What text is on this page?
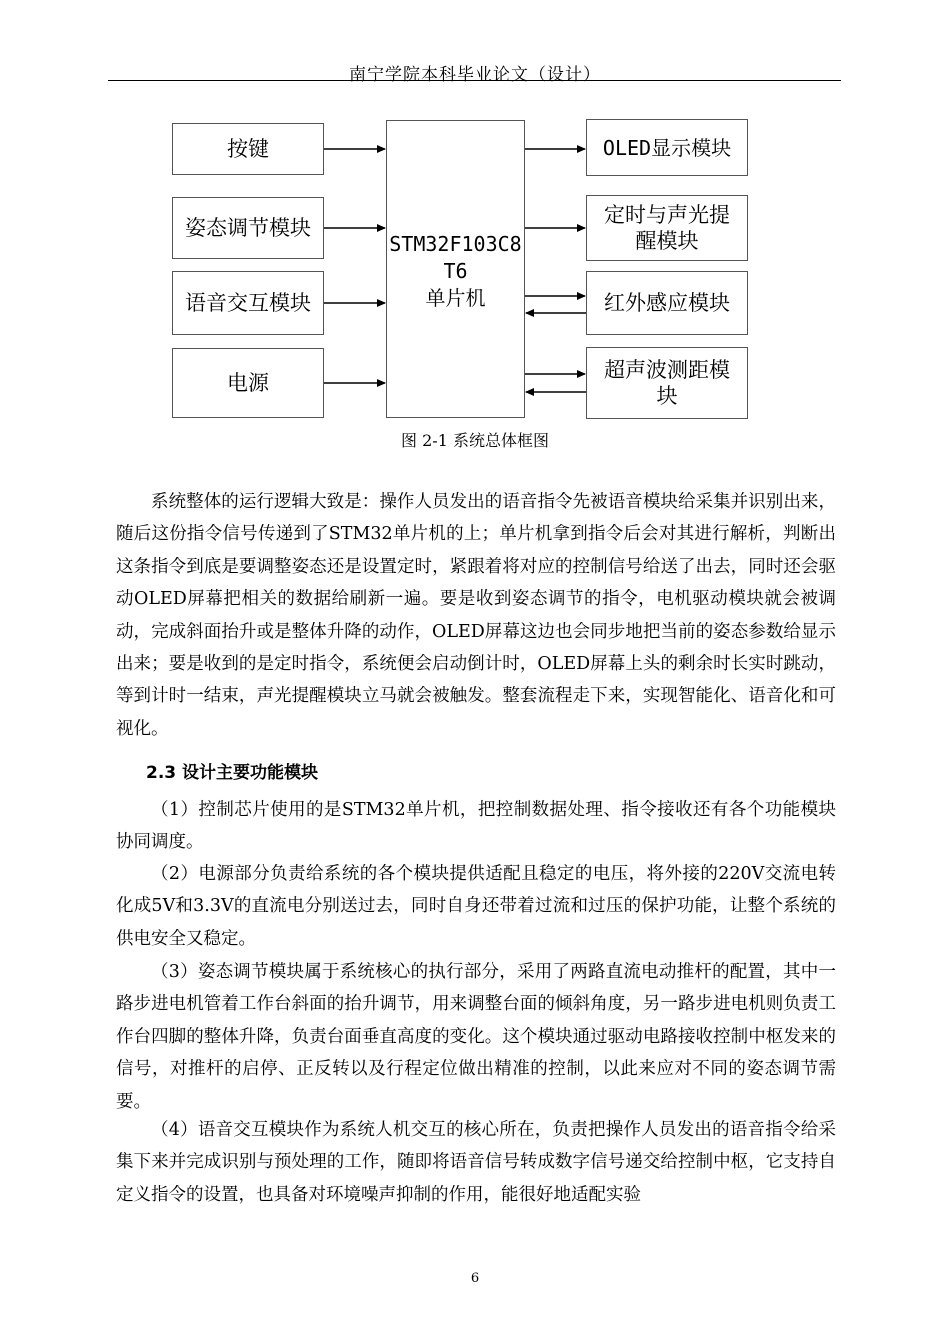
南宁学院本科毕业论文（设计）
按键
姿态调节模块
语音交互模块
电源
STM32F103C8
T6
单片机
OLED显示模块
定时与声光提醒模块
红外感应模块
超声波测距模块
图 2-1 系统总体框图

系统整体的运行逻辑大致是：操作人员发出的语音指令先被语音模块给采集并识别出来，随后这份指令信号传递到了STM32单片机的上；单片机拿到指令后会对其进行解析，判断出这条指令到底是要调整姿态还是设置定时，紧跟着将对应的控制信号给送了出去，同时还会驱动OLED屏幕把相关的数据给刷新一遍。要是收到姿态调节的指令，电机驱动模块就会被调动，完成斜面抬升或是整体升降的动作，OLED屏幕这边也会同步地把当前的姿态参数给显示出来；要是收到的是定时指令，系统便会启动倒计时，OLED屏幕上头的剩余时长实时跳动，等到计时一结束，声光提醒模块立马就会被触发。整套流程走下来，实现智能化、语音化和可视化。

2.3 设计主要功能模块

（1）控制芯片使用的是STM32单片机，把控制数据处理、指令接收还有各个功能模块协同调度。

（2）电源部分负责给系统的各个模块提供适配且稳定的电压，将外接的220V交流电转化成5V和3.3V的直流电分别送过去，同时自身还带着过流和过压的保护功能，让整个系统的供电安全又稳定。

（3）姿态调节模块属于系统核心的执行部分，采用了两路直流电动推杆的配置，其中一路步进电机管着工作台斜面的抬升调节，用来调整台面的倾斜角度，另一路步进电机则负责工作台四脚的整体升降，负责台面垂直高度的变化。这个模块通过驱动电路接收控制中枢发来的信号，对推杆的启停、正反转以及行程定位做出精准的控制，以此来应对不同的姿态调节需要。

（4）语音交互模块作为系统人机交互的核心所在，负责把操作人员发出的语音指令给采集下来并完成识别与预处理的工作，随即将语音信号转成数字信号递交给控制中枢，它支持自定义指令的设置，也具备对环境噪声抑制的作用，能很好地适配实验

6
